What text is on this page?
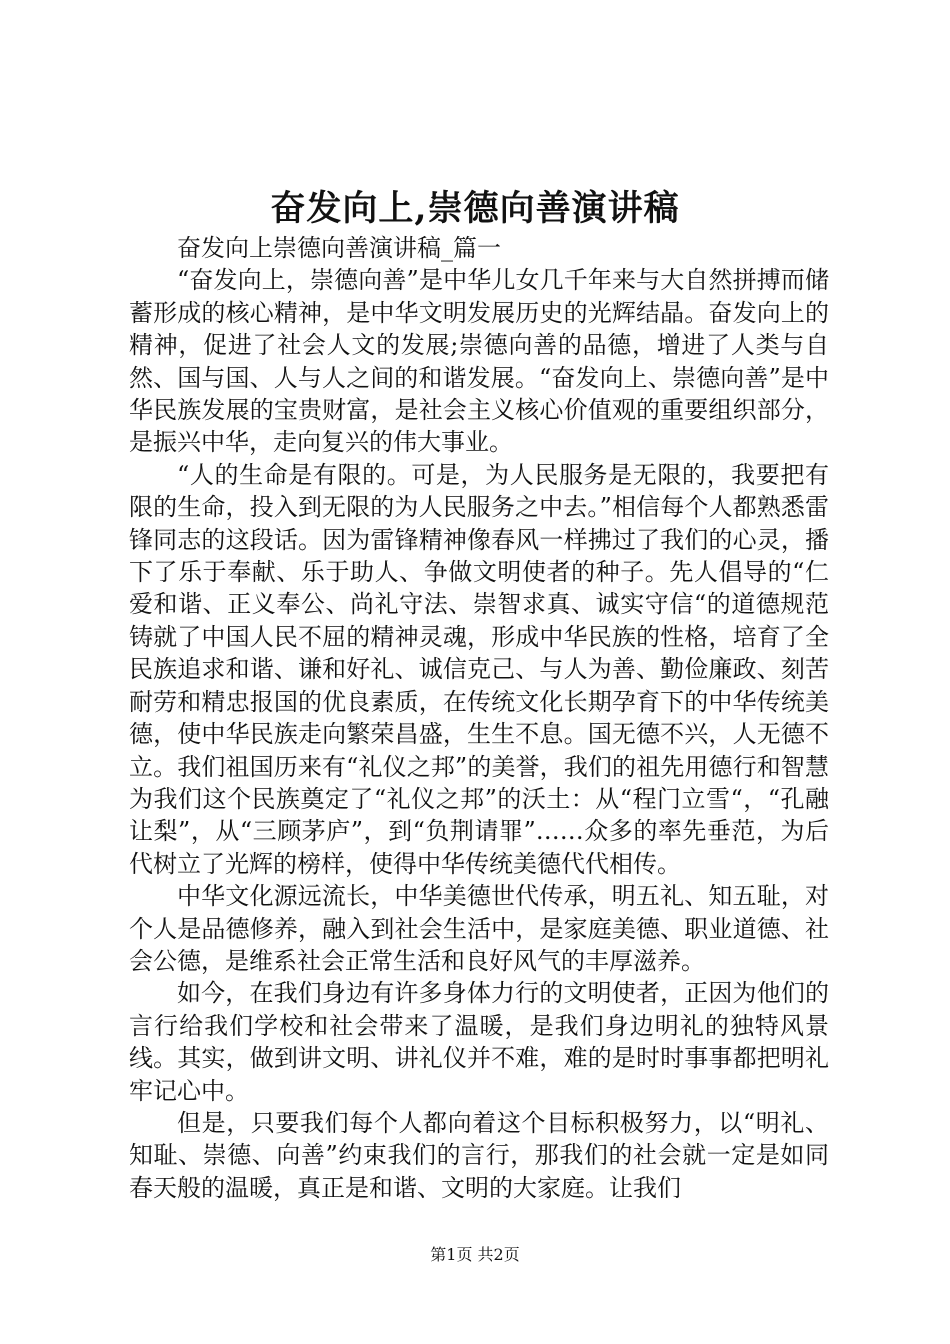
奋发向上,崇德向善演讲稿

奋发向上崇德向善演讲稿_篇一

“奋发向上，崇德向善”是中华儿女几千年来与大自然拼搏而储蓄形成的核心精神，是中华文明发展历史的光辉结晶。奋发向上的精神，促进了社会人文的发展;崇德向善的品德，增进了人类与自然、国与国、人与人之间的和谐发展。“奋发向上、崇德向善”是中华民族发展的宝贵财富，是社会主义核心价值观的重要组织部分，是振兴中华，走向复兴的伟大事业。

“人的生命是有限的。可是，为人民服务是无限的，我要把有限的生命，投入到无限的为人民服务之中去。”相信每个人都熟悉雷锋同志的这段话。因为雷锋精神像春风一样拂过了我们的心灵，播下了乐于奉献、乐于助人、争做文明使者的种子。先人倡导的“仁爱和谐、正义奉公、尚礼守法、崇智求真、诚实守信“的道德规范铸就了中国人民不屈的精神灵魂，形成中华民族的性格，培育了全民族追求和谐、谦和好礼、诚信克己、与人为善、勤俭廉政、刻苦耐劳和精忠报国的优良素质，在传统文化长期孕育下的中华传统美德，使中华民族走向繁荣昌盛，生生不息。国无德不兴，人无德不立。我们祖国历来有“礼仪之邦”的美誉，我们的祖先用德行和智慧为我们这个民族奠定了“礼仪之邦”的沃土：从“程门立雪“，“孔融让梨”，从“三顾茅庐”，到“负荆请罪”……众多的率先垂范，为后代树立了光辉的榜样，使得中华传统美德代代相传。

中华文化源远流长，中华美德世代传承，明五礼、知五耻，对个人是品德修养，融入到社会生活中，是家庭美德、职业道德、社会公德，是维系社会正常生活和良好风气的丰厚滋养。

如今，在我们身边有许多身体力行的文明使者，正因为他们的言行给我们学校和社会带来了温暖，是我们身边明礼的独特风景线。其实，做到讲文明、讲礼仪并不难，难的是时时事事都把明礼牢记心中。

但是，只要我们每个人都向着这个目标积极努力，以“明礼、知耻、崇德、向善”约束我们的言行，那我们的社会就一定是如同春天般的温暖，真正是和谐、文明的大家庭。让我们

第1页 共2页
